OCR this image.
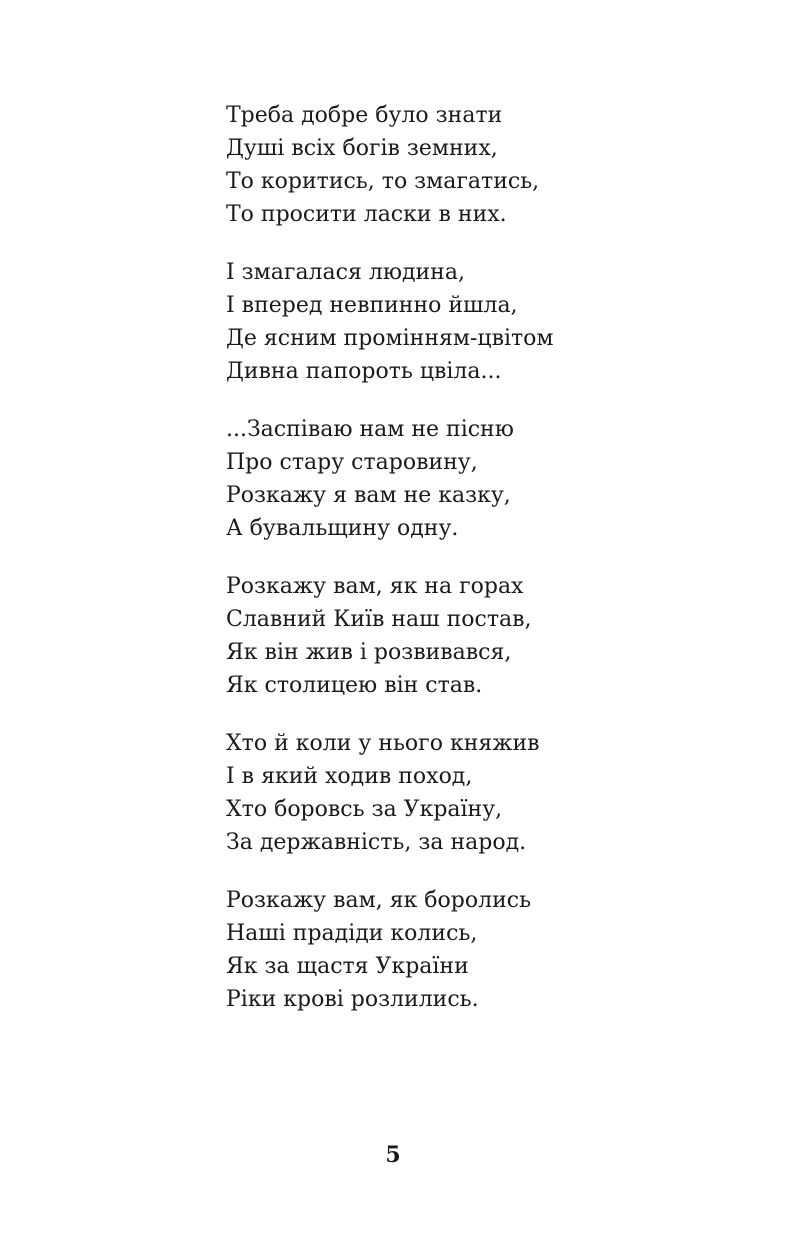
Треба добре було знати
Душі всіх богів земних,
То коритись, то змагатись,
То просити ласки в них.
І змагалася людина,
І вперед невпинно йшла,
Де ясним промінням-цвітом
Дивна папороть цвіла...
...Заспіваю нам не пісню
Про стару старовину,
Розкажу я вам не казку,
А бувальщину одну.
Розкажу вам, як на горах
Славний Київ наш постав,
Як він жив і розвивався,
Як столицею він став.
Хто й коли у нього княжив
І в який ходив поход,
Хто боровсь за Україну,
За державність, за народ.
Розкажу вам, як боролись
Наші прадіди колись,
Як за щастя України
Ріки крові розлились.
5
